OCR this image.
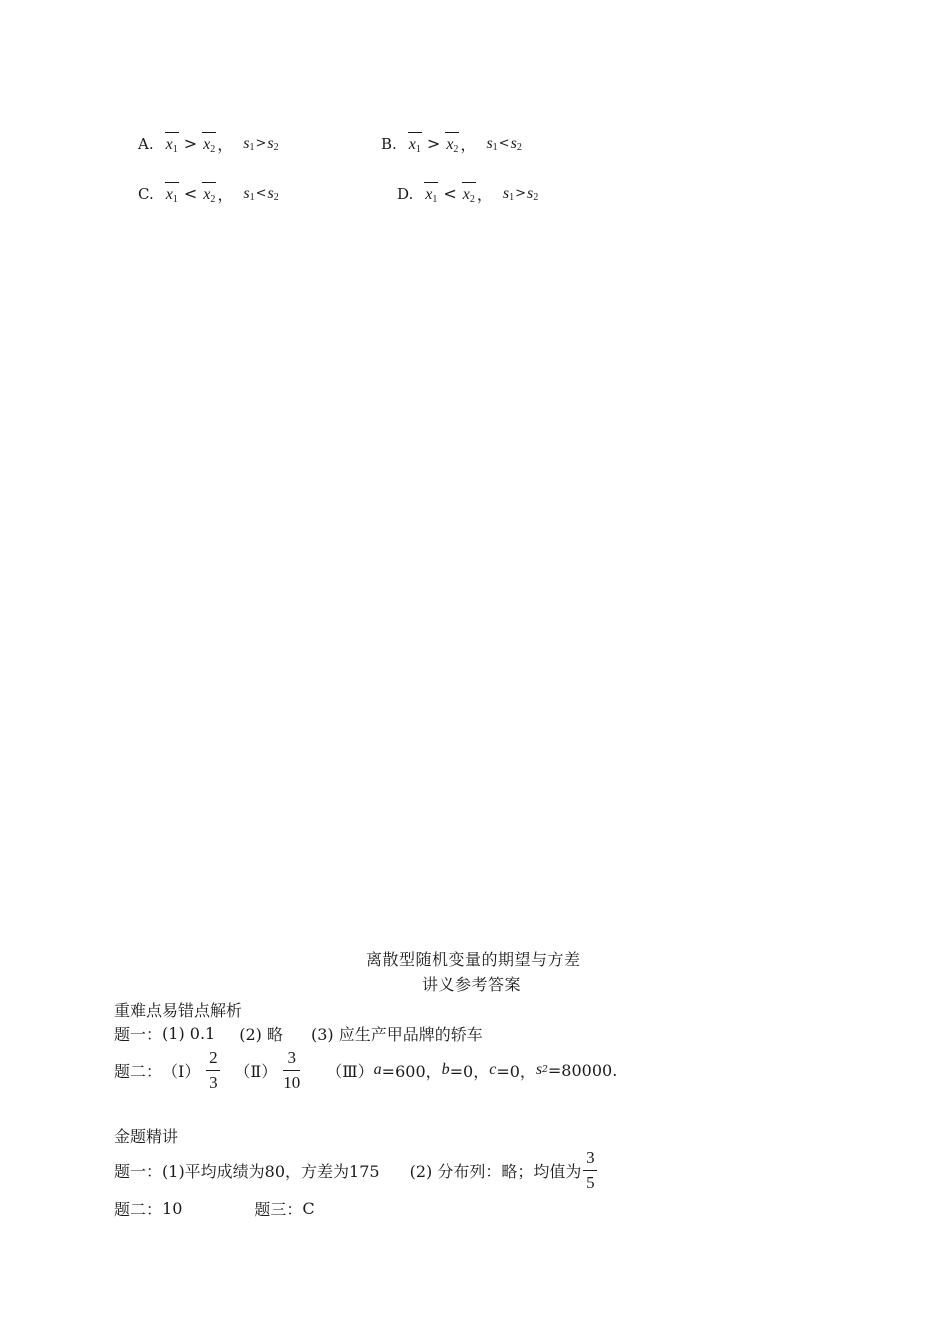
A. $x_1 > x_2$ ， $s_1 > s_2$	B. $x_1 > x_2$ ， $s_1 < s_2$
C. $x_1 < x_2$ ， $s_1 < s_2$	D. $x_1 < x_2$ ， $s_1 > s_2$
离散型随机变量的期望与方差
讲义参考答案
重难点易错点解析
题一： (1) 0.1 (2) 略 (3) 应生产甲品牌的轿车
题二： （Ⅰ） $\frac{2}{3}$ （Ⅱ） $\frac{3}{10}$ （Ⅲ） a =600， b =0， c =0， s 2 =80000.
金题精讲
题一： (1)平均成绩为80，方差为175 (2) 分布列：略；均值为 $\frac{3}{5}$
题二： 10	题三： C
